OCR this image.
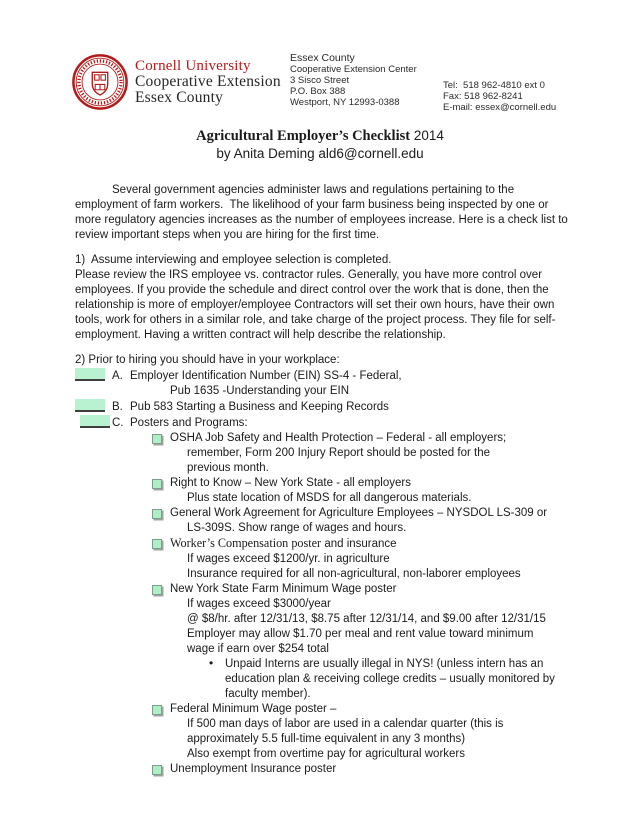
Cornell University
Cooperative Extension
Essex County
Essex County
Cooperative Extension Center
3 Sisco Street
P.O. Box 388
Westport, NY 12993-0388
Tel:  518 962-4810 ext 0
Fax: 518 962-8241
E-mail: essex@cornell.edu
Agricultural Employer’s Checklist 2014
by Anita Deming ald6@cornell.edu

Several government agencies administer laws and regulations pertaining to the employment of farm workers.  The likelihood of your farm business being inspected by one or more regulatory agencies increases as the number of employees increase. Here is a check list to review important steps when you are hiring for the first time.

1)  Assume interviewing and employee selection is completed.
Please review the IRS employee vs. contractor rules. Generally, you have more control over employees. If you provide the schedule and direct control over the work that is done, then the relationship is more of employer/employee Contractors will set their own hours, have their own tools, work for others in a similar role, and take charge of the project process. They file for self-employment. Having a written contract will help describe the relationship.
2) Prior to hiring you should have in your workplace:
A. Employer Identification Number (EIN) SS-4 - Federal,
Pub 1635 -Understanding your EIN
B. Pub 583 Starting a Business and Keeping Records
C. Posters and Programs:
OSHA Job Safety and Health Protection – Federal - all employers;
remember, Form 200 Injury Report should be posted for the
previous month.
Right to Know – New York State - all employers
Plus state location of MSDS for all dangerous materials.
General Work Agreement for Agriculture Employees – NYSDOL LS-309 or
LS-309S. Show range of wages and hours.
Worker’s Compensation poster and insurance
If wages exceed $1200/yr. in agriculture
Insurance required for all non-agricultural, non-laborer employees
New York State Farm Minimum Wage poster
If wages exceed $3000/year
@ $8/hr. after 12/31/13, $8.75 after 12/31/14, and $9.00 after 12/31/15
Employer may allow $1.70 per meal and rent value toward minimum
wage if earn over $254 total
• Unpaid Interns are usually illegal in NYS! (unless intern has an
education plan & receiving college credits – usually monitored by
faculty member).
Federal Minimum Wage poster –
If 500 man days of labor are used in a calendar quarter (this is
approximately 5.5 full-time equivalent in any 3 months)
Also exempt from overtime pay for agricultural workers
Unemployment Insurance poster
